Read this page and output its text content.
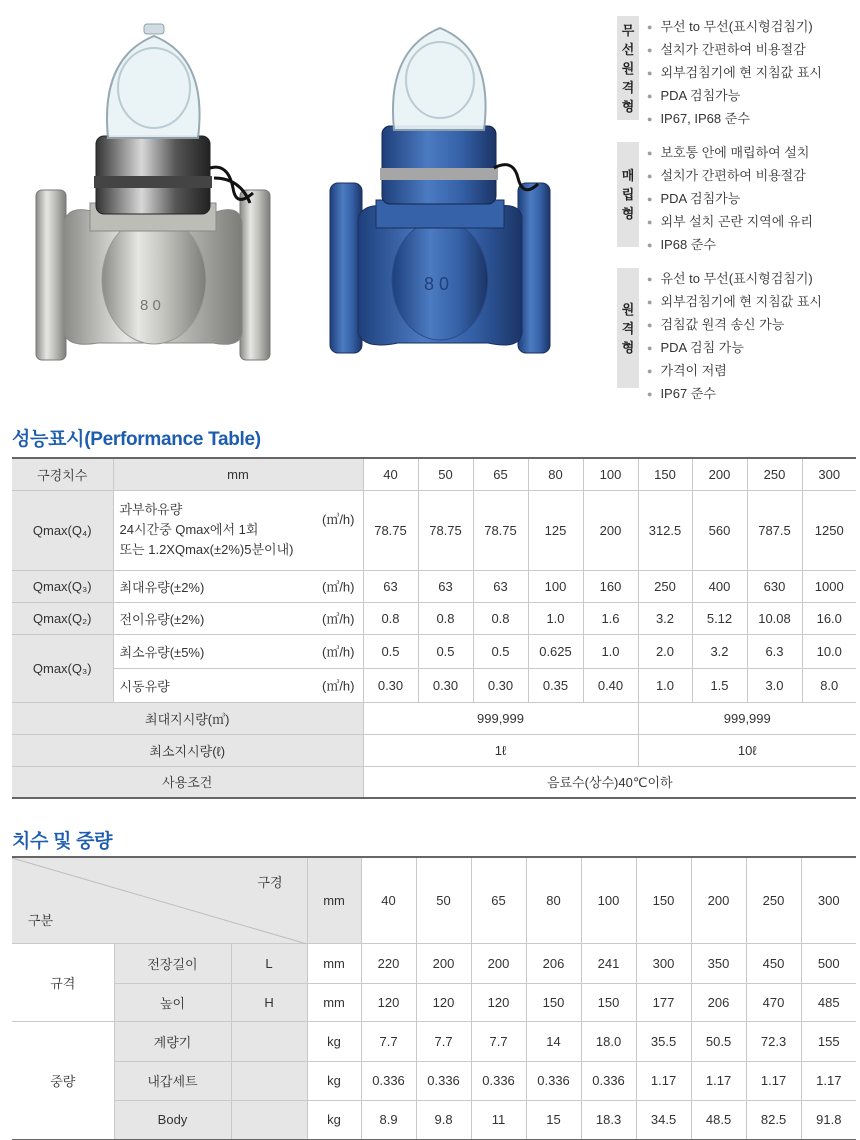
8 0
8 0
무
선
원
격
형
● 무선 to 무선(표시형검침기)
● 설치가 간편하여 비용절감
● 외부검침기에 현 지침값 표시
● PDA 검침가능
● IP67, IP68 준수
매
립
형
● 보호통 안에 매립하여 설치
● 설치가 간편하여 비용절감
● PDA 검침가능
● 외부 설치 곤란 지역에 유리
● IP68 준수
원
격
형
● 유선 to 무선(표시형검침기)
● 외부검침기에 현 지침값 표시
● 검침값 원격 송신 가능
● PDA 검침 가능
● 가격이 저렴
● IP67 준수
성능표시(Performance Table)
구경치수	mm	40	50	65	80	100	150	200	250	300
Qmax(Q₄)	과부하유량
24시간중 Qmax에서 1회
또는 1.2XQmax(±2%)5분이내)
(㎥/h)	78.75	78.75	78.75	125	200	312.5	560	787.5	1250
Qmax(Q₃)	최대유량(±2%) (㎥/h)	63	63	63	100	160	250	400	630	1000
Qmax(Q₂)	전이유량(±2%) (㎥/h)	0.8	0.8	0.8	1.0	1.6	3.2	5.12	10.08	16.0
Qmax(Q₃)	최소유량(±5%) (㎥/h)	0.5	0.5	0.5	0.625	1.0	2.0	3.2	6.3	10.0
	시동유량 (㎥/h)	0.30	0.30	0.30	0.35	0.40	1.0	1.5	3.0	8.0
최대지시량(㎥)		999,999					999,999			
최소지시량(ℓ)		1ℓ					10ℓ			
사용조건		음료수(상수)40℃이하								
치수 및 중량
구경
구분			mm	40	50	65	80	100	150	200	250	300
규격	전장길이	L	mm	220	200	200	206	241	300	350	450	500
	높이	H	mm	120	120	120	150	150	177	206	470	485
중량	계량기		kg	7.7	7.7	7.7	14	18.0	35.5	50.5	72.3	155
	내갑세트		kg	0.336	0.336	0.336	0.336	0.336	1.17	1.17	1.17	1.17
	Body		kg	8.9	9.8	11	15	18.3	34.5	48.5	82.5	91.8
